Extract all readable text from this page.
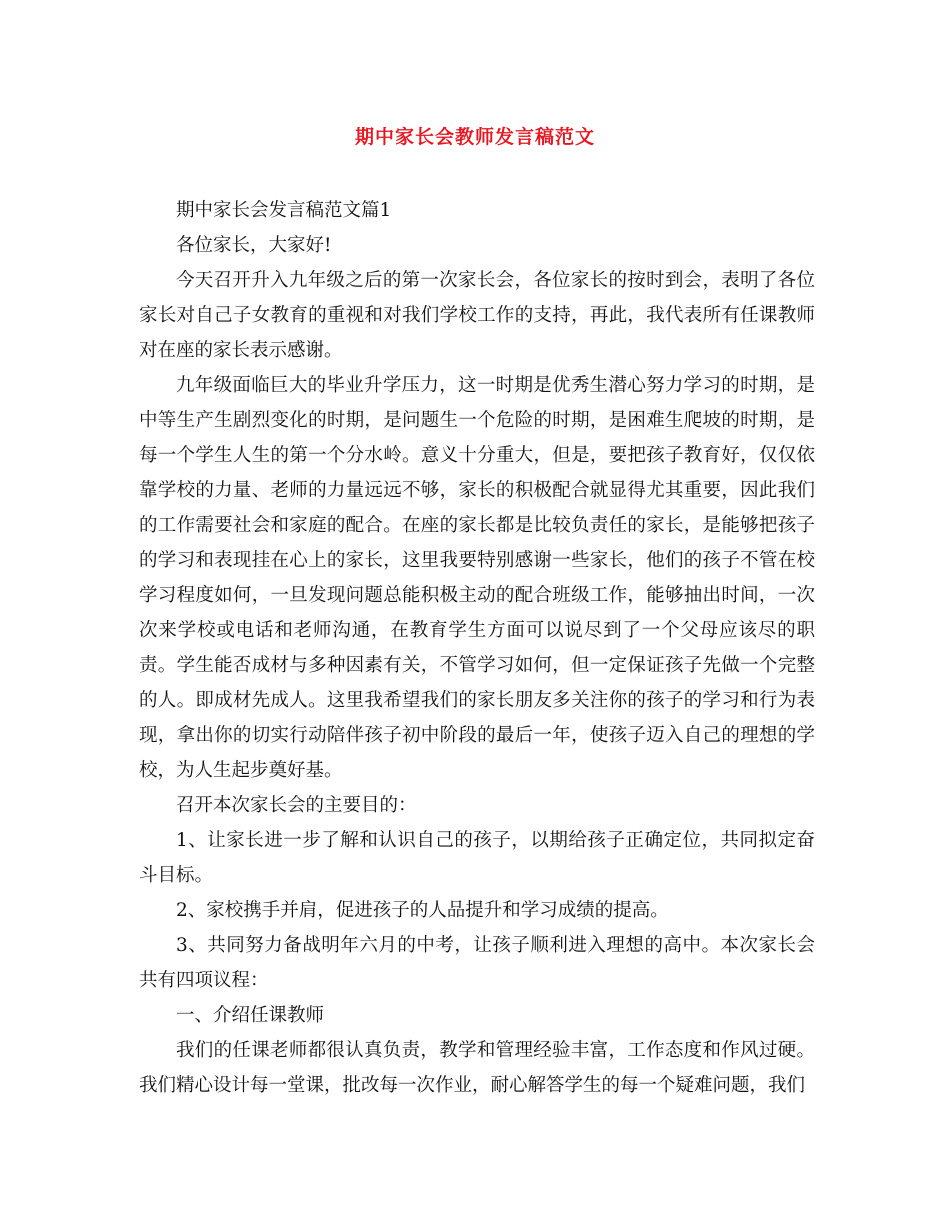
期中家长会教师发言稿范文

期中家长会发言稿范文篇1

各位家长，大家好!

今天召开升入九年级之后的第一次家长会，各位家长的按时到会，表明了各位家长对自己子女教育的重视和对我们学校工作的支持，再此，我代表所有任课教师对在座的家长表示感谢。

九年级面临巨大的毕业升学压力，这一时期是优秀生潜心努力学习的时期，是中等生产生剧烈变化的时期，是问题生一个危险的时期，是困难生爬坡的时期，是每一个学生人生的第一个分水岭。意义十分重大，但是，要把孩子教育好，仅仅依靠学校的力量、老师的力量远远不够，家长的积极配合就显得尤其重要，因此我们的工作需要社会和家庭的配合。在座的家长都是比较负责任的家长，是能够把孩子的学习和表现挂在心上的家长，这里我要特别感谢一些家长，他们的孩子不管在校学习程度如何，一旦发现问题总能积极主动的配合班级工作，能够抽出时间，一次次来学校或电话和老师沟通，在教育学生方面可以说尽到了一个父母应该尽的职责。学生能否成材与多种因素有关，不管学习如何，但一定保证孩子先做一个完整的人。即成材先成人。这里我希望我们的家长朋友多关注你的孩子的学习和行为表现，拿出你的切实行动陪伴孩子初中阶段的最后一年，使孩子迈入自己的理想的学校，为人生起步奠好基。

召开本次家长会的主要目的：

1、让家长进一步了解和认识自己的孩子，以期给孩子正确定位，共同拟定奋斗目标。

2、家校携手并肩，促进孩子的人品提升和学习成绩的提高。

3、共同努力备战明年六月的中考，让孩子顺利进入理想的高中。本次家长会共有四项议程：

一、介绍任课教师

我们的任课老师都很认真负责，教学和管理经验丰富，工作态度和作风过硬。我们精心设计每一堂课，批改每一次作业，耐心解答学生的每一个疑难问题，我们
